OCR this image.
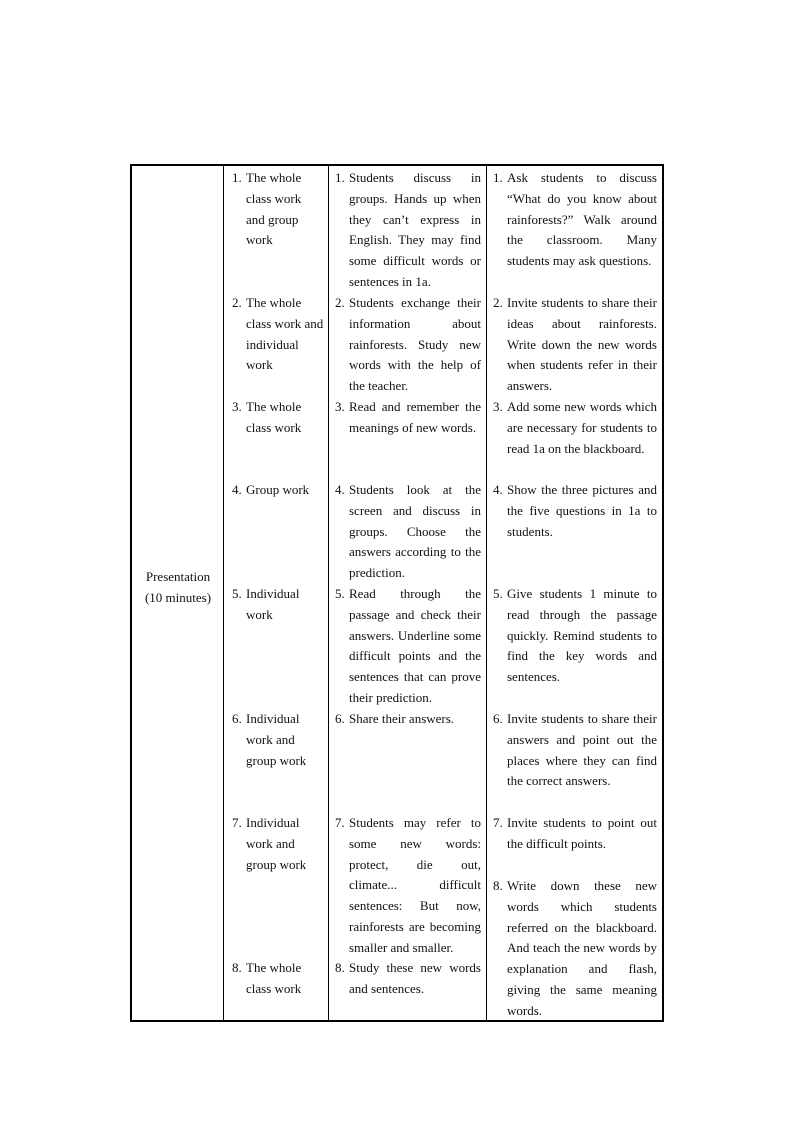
Presentation
(10 minutes)
1. The whole class work and group work
1. Students discuss in groups. Hands up when they can’t express in English. They may find some difficult words or sentences in 1a.
1. Ask students to discuss “What do you know about rainforests?” Walk around the classroom. Many students may ask questions.
2. The whole class work and individual work
2. Students exchange their information about rainforests. Study new words with the help of the teacher.
2. Invite students to share their ideas about rainforests. Write down the new words when students refer in their answers.
3. The whole class work
3. Read and remember the meanings of new words.
3. Add some new words which are necessary for students to read 1a on the blackboard.
4. Group work	4. Students look at the screen and discuss in groups. Choose the answers according to the prediction.
4. Show the three pictures and the five questions in 1a to students.
5. Individual work
5. Read through the passage and check their answers. Underline some difficult points and the sentences that can prove their prediction.
5. Give students 1 minute to read through the passage quickly. Remind students to find the key words and sentences.
6. Individual work and group work
6. Share their answers.	6. Invite students to share their answers and point out the places where they can find the correct answers.
7. Individual work and group work
7. Students may refer to some new words: protect, die out, climate... difficult sentences: But now, rainforests are becoming smaller and smaller.
7. Invite students to point out the difficult points.
8. The whole class work
8. Study these new words and sentences.
8. Write down these new words which students referred on the blackboard. And teach the new words by explanation and flash, giving the same meaning words.
